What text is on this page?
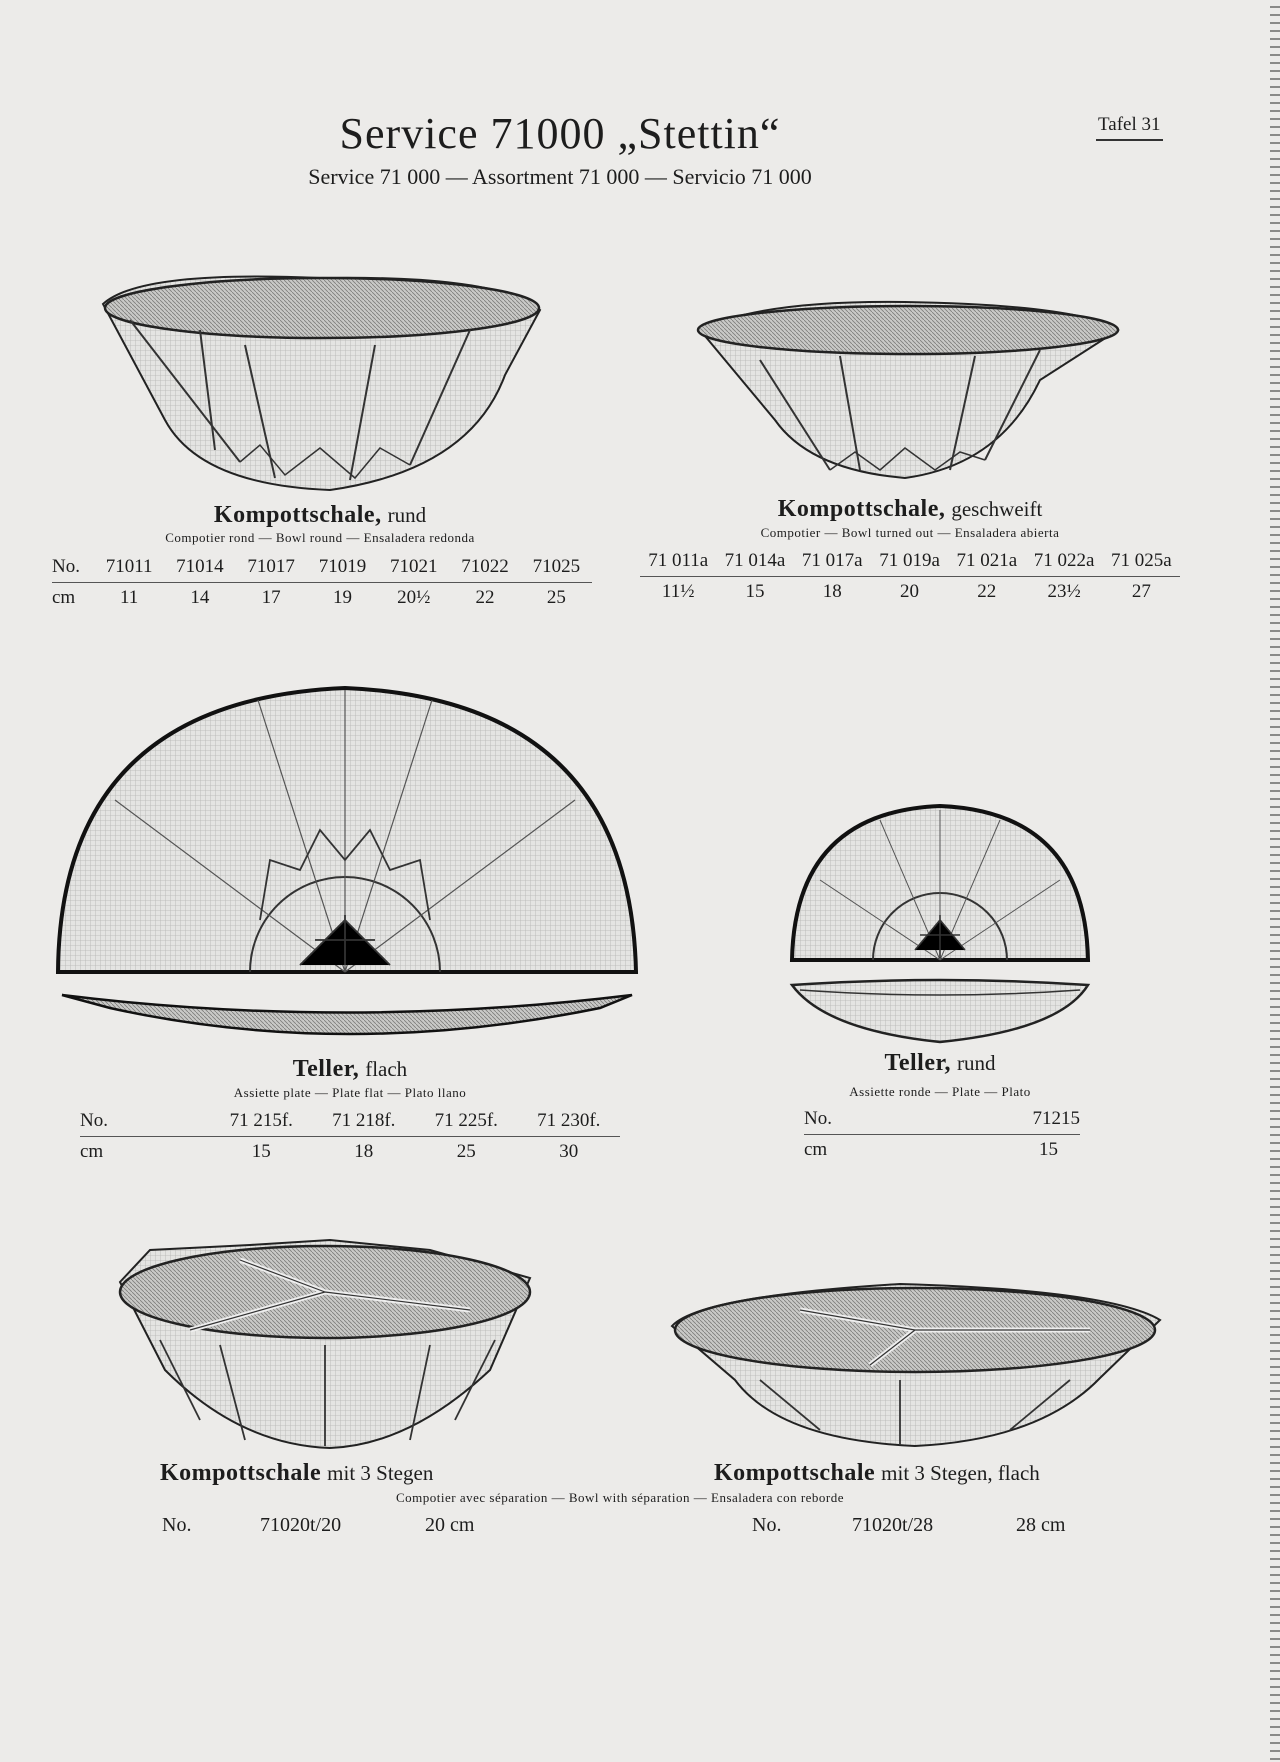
Service 71000 „Stettin“
Service 71 000 — Assortment 71 000 — Servicio 71 000
Tafel 31
Kompottschale, rund
Compotier rond — Bowl round — Ensaladera redonda
No.	71011	71014	71017	71019	71021	71022	71025
cm	11	14	17	19	20½	22	25
Kompottschale, geschweift
Compotier — Bowl turned out — Ensaladera abierta
71 011a	71 014a	71 017a	71 019a	71 021a	71 022a	71 025a
11½	15	18	20	22	23½	27
Teller, flach
Assiette plate — Plate flat — Plato llano
No.	71 215f.	71 218f.	71 225f.	71 230f.
cm	15	18	25	30
Teller, rund
Assiette ronde — Plate — Plato
No.	71215
cm	15
Kompottschale mit 3 Stegen	Kompottschale mit 3 Stegen, flach
Compotier avec séparation — Bowl with séparation — Ensaladera con reborde
No.	71020t/20	20 cm	No.	71020t/28	28 cm
